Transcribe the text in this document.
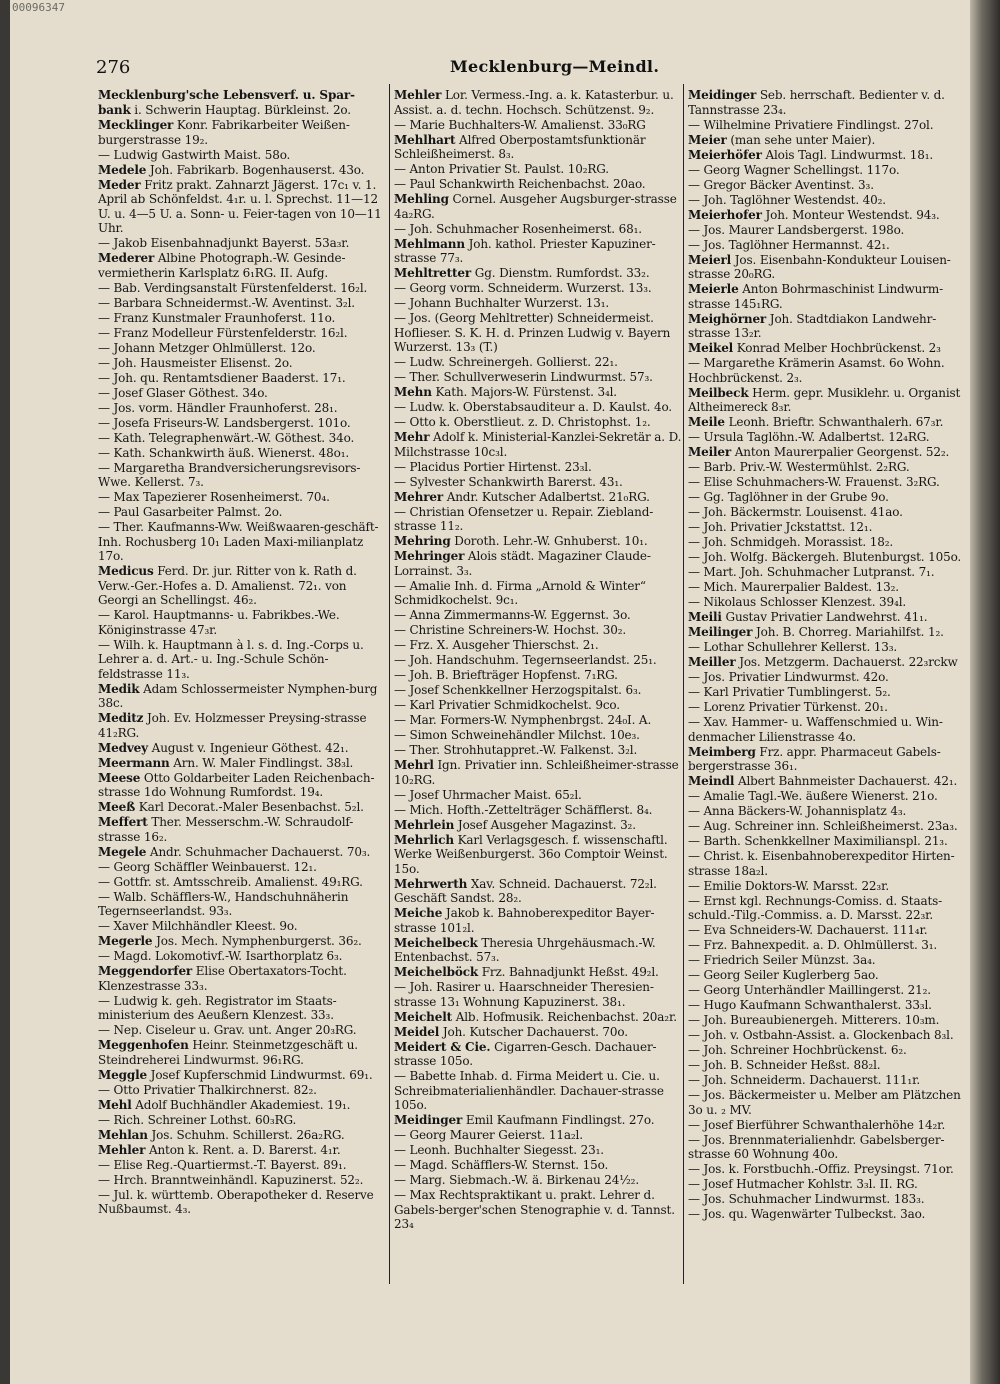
00096347
276	Mecklenburg—Meindl.

Mecklenburg'sche Lebensverf. u. Spar-

bank i. Schwerin Hauptag. Bürkleinst. 2o.

Mecklinger Konr. Fabrikarbeiter Weißen-burgerstrasse 19₂.

— Ludwig Gastwirth Maist. 58o.

Medele Joh. Fabrikarb. Bogenhauserst. 43o.

Meder Fritz prakt. Zahnarzt Jägerst. 17c₁ v. 1. April ab Schönfeldst. 4₁r. u. l. Sprechst. 11—12 U. u. 4—5 U. a. Sonn- u. Feier-tagen von 10—11 Uhr.

— Jakob Eisenbahnadjunkt Bayerst. 53a₃r.

Mederer Albine Photograph.-W. Gesinde-vermietherin Karlsplatz 6₁RG. II. Aufg.

— Bab. Verdingsanstalt Fürstenfelderst. 16₂l.

— Barbara Schneidermst.-W. Aventinst. 3₂l.

— Franz Kunstmaler Fraunhoferst. 11o.

— Franz Modelleur Fürstenfelderstr. 16₂l.

— Johann Metzger Ohlmüllerst. 12o.

— Joh. Hausmeister Elisenst. 2o.

— Joh. qu. Rentamtsdiener Baaderst. 17₁.

— Josef Glaser Göthest. 34o.

— Jos. vorm. Händler Fraunhoferst. 28₁.

— Josefa Friseurs-W. Landsbergerst. 101o.

— Kath. Telegraphenwärt.-W. Göthest. 34o.

— Kath. Schankwirth äuß. Wienerst. 48o₁.

— Margaretha Brandversicherungsrevisors-Wwe. Kellerst. 7₃.

— Max Tapezierer Rosenheimerst. 70₄.

— Paul Gasarbeiter Palmst. 2o.

— Ther. Kaufmanns-Ww. Weißwaaren-geschäft-Inh. Rochusberg 10₁ Laden Maxi-milianplatz 17o.

Medicus Ferd. Dr. jur. Ritter von k. Rath d. Verw.-Ger.-Hofes a. D. Amalienst. 72₁. von Georgi an Schellingst. 46₂.

— Karol. Hauptmanns- u. Fabrikbes.-We. Königinstrasse 47₃r.

— Wilh. k. Hauptmann à l. s. d. Ing.-Corps u. Lehrer a. d. Art.- u. Ing.-Schule Schön-feldstrasse 11₃.

Medik Adam Schlossermeister Nymphen-burg 38c.

Meditz Joh. Ev. Holzmesser Preysing-strasse 41₂RG.

Medvey August v. Ingenieur Göthest. 42₁.

Meermann Arn. W. Maler Findlingst. 38₃l.

Meese Otto Goldarbeiter Laden Reichenbach-strasse 1do Wohnung Rumfordst. 19₄.

Meeß Karl Decorat.-Maler Besenbachst. 5₂l.

Meffert Ther. Messerschm.-W. Schraudolf-strasse 16₂.

Megele Andr. Schuhmacher Dachauerst. 70₃.

— Georg Schäffler Weinbauerst. 12₁.

— Gottfr. st. Amtsschreib. Amalienst. 49₁RG.

— Walb. Schäfflers-W., Handschuhnäherin Tegernseerlandst. 93₃.

— Xaver Milchhändler Kleest. 9o.

Megerle Jos. Mech. Nymphenburgerst. 36₂.

— Magd. Lokomotivf.-W. Isarthorplatz 6₃.

Meggendorfer Elise Obertaxators-Tocht. Klenzestrasse 33₃.

— Ludwig k. geh. Registrator im Staats-ministerium des Aeußern Klenzest. 33₃.

— Nep. Ciseleur u. Grav. unt. Anger 20₃RG.

Meggenhofen Heinr. Steinmetzgeschäft u. Steindreherei Lindwurmst. 96₁RG.

Meggle Josef Kupferschmid Lindwurmst. 69₁.

— Otto Privatier Thalkirchnerst. 82₂.

Mehl Adolf Buchhändler Akademiest. 19₁.

— Rich. Schreiner Lothst. 60₃RG.

Mehlan Jos. Schuhm. Schillerst. 26a₂RG.

Mehler Anton k. Rent. a. D. Barerst. 4₁r.

— Elise Reg.-Quartiermst.-T. Bayerst. 89₁.

— Hrch. Branntweinhändl. Kapuzinerst. 52₂.

— Jul. k. württemb. Oberapotheker d. Reserve Nußbaumst. 4₃.

Mehler Lor. Vermess.-Ing. a. k. Katasterbur. u. Assist. a. d. techn. Hochsch. Schützenst. 9₂.

— Marie Buchhalters-W. Amalienst. 33₀RG

Mehlhart Alfred Oberpostamtsfunktionär Schleißheimerst. 8₃.

— Anton Privatier St. Paulst. 10₂RG.

— Paul Schankwirth Reichenbachst. 20ao.

Mehling Cornel. Ausgeher Augsburger-strasse 4a₂RG.

— Joh. Schuhmacher Rosenheimerst. 68₁.

Mehlmann Joh. kathol. Priester Kapuziner-strasse 77₃.

Mehltretter Gg. Dienstm. Rumfordst. 33₂.

— Georg vorm. Schneiderm. Wurzerst. 13₃.

— Johann Buchhalter Wurzerst. 13₁.

— Jos. (Georg Mehltretter) Schneidermeist. Hoflieser. S. K. H. d. Prinzen Ludwig v. Bayern Wurzerst. 13₃ (T.)

— Ludw. Schreinergeh. Gollierst. 22₁.

— Ther. Schullverweserin Lindwurmst. 57₃.

Mehn Kath. Majors-W. Fürstenst. 3₄l.

— Ludw. k. Oberstabsauditeur a. D. Kaulst. 4o.

— Otto k. Oberstlieut. z. D. Christophst. 1₂.

Mehr Adolf k. Ministerial-Kanzlei-Sekretär a. D. Milchstrasse 10c₃l.

— Placidus Portier Hirtenst. 23₃l.

— Sylvester Schankwirth Barerst. 43₁.

Mehrer Andr. Kutscher Adalbertst. 21₀RG.

— Christian Ofensetzer u. Repair. Ziebland-strasse 11₂.

Mehring Doroth. Lehr.-W. Gnhuberst. 10₁.

Mehringer Alois städt. Magaziner Claude-Lorrainst. 3₃.

— Amalie Inh. d. Firma „Arnold & Winter“ Schmidkochelst. 9c₁.

— Anna Zimmermanns-W. Eggernst. 3o.

— Christine Schreiners-W. Hochst. 30₂.

— Frz. X. Ausgeher Thierschst. 2₁.

— Joh. Handschuhm. Tegernseerlandst. 25₁.

— Joh. B. Briefträger Hopfenst. 7₁RG.

— Josef Schenkkellner Herzogspitalst. 6₃.

— Karl Privatier Schmidkochelst. 9co.

— Mar. Formers-W. Nymphenbrgst. 24₀I. A.

— Simon Schweinehändler Milchst. 10e₃.

— Ther. Strohhutappret.-W. Falkenst. 3₂l.

Mehrl Ign. Privatier inn. Schleißheimer-strasse 10₂RG.

— Josef Uhrmacher Maist. 65₂l.

— Mich. Hofth.-Zettelträger Schäfflerst. 8₄.

Mehrlein Josef Ausgeher Magazinst. 3₂.

Mehrlich Karl Verlagsgesch. f. wissenschaftl. Werke Weißenburgerst. 36o Comptoir Weinst. 15o.

Mehrwerth Xav. Schneid. Dachauerst. 72₂l. Geschäft Sandst. 28₂.

Meiche Jakob k. Bahnoberexpeditor Bayer-strasse 101₂l.

Meichelbeck Theresia Uhrgehäusmach.-W. Entenbachst. 57₃.

Meichelböck Frz. Bahnadjunkt Heßst. 49₂l.

— Joh. Rasirer u. Haarschneider Theresien-strasse 13₁ Wohnung Kapuzinerst. 38₁.

Meichelt Alb. Hofmusik. Reichenbachst. 20a₂r.

Meidel Joh. Kutscher Dachauerst. 70o.

Meidert & Cie. Cigarren-Gesch. Dachauer-strasse 105o.

— Babette Inhab. d. Firma Meidert u. Cie. u. Schreibmaterialienhändler. Dachauer-strasse 105o.

Meidinger Emil Kaufmann Findlingst. 27o.

— Georg Maurer Geierst. 11a₂l.

— Leonh. Buchhalter Siegesst. 23₁.

— Magd. Schäfflers-W. Sternst. 15o.

— Marg. Siebmach.-W. ä. Birkenau 24½₂.

— Max Rechtspraktikant u. prakt. Lehrer d. Gabels-berger'schen Stenographie v. d. Tannst. 23₄

Meidinger Seb. herrschaft. Bedienter v. d. Tannstrasse 23₄.

— Wilhelmine Privatiere Findlingst. 27ol.

Meier (man sehe unter Maier).

Meierhöfer Alois Tagl. Lindwurmst. 18₁.

— Georg Wagner Schellingst. 117o.

— Gregor Bäcker Aventinst. 3₃.

— Joh. Taglöhner Westendst. 40₂.

Meierhofer Joh. Monteur Westendst. 94₃.

— Jos. Maurer Landsbergerst. 198o.

— Jos. Taglöhner Hermannst. 42₁.

Meierl Jos. Eisenbahn-Kondukteur Louisen-strasse 20₀RG.

Meierle Anton Bohrmaschinist Lindwurm-strasse 145₁RG.

Meighörner Joh. Stadtdiakon Landwehr-strasse 13₂r.

Meikel Konrad Melber Hochbrückenst. 2₃

— Margarethe Krämerin Asamst. 6o Wohn. Hochbrückenst. 2₃.

Meilbeck Herm. gepr. Musiklehr. u. Organist Altheimereck 8₃r.

Meile Leonh. Brieftr. Schwanthalerh. 67₃r.

— Ursula Taglöhn.-W. Adalbertst. 12₄RG.

Meiler Anton Maurerpalier Georgenst. 52₂.

— Barb. Priv.-W. Westermühlst. 2₂RG.

— Elise Schuhmachers-W. Frauenst. 3₂RG.

— Gg. Taglöhner in der Grube 9o.

— Joh. Bäckermstr. Louisenst. 41ao.

— Joh. Privatier Jckstattst. 12₁.

— Joh. Schmidgeh. Morassist. 18₂.

— Joh. Wolfg. Bäckergeh. Blutenburgst. 105o.

— Mart. Joh. Schuhmacher Lutpranst. 7₁.

— Mich. Maurerpalier Baldest. 13₂.

— Nikolaus Schlosser Klenzest. 39₄l.

Meili Gustav Privatier Landwehrst. 41₁.

Meilinger Joh. B. Chorreg. Mariahilfst. 1₂.

— Lothar Schullehrer Kellerst. 13₃.

Meiller Jos. Metzgerm. Dachauerst. 22₃rckw

— Jos. Privatier Lindwurmst. 42o.

— Karl Privatier Tumblingerst. 5₂.

— Lorenz Privatier Türkenst. 20₁.

— Xav. Hammer- u. Waffenschmied u. Win-denmacher Lilienstrasse 4o.

Meimberg Frz. appr. Pharmaceut Gabels-bergerstrasse 36₁.

Meindl Albert Bahnmeister Dachauerst. 42₁.

— Amalie Tagl.-We. äußere Wienerst. 21o.

— Anna Bäckers-W. Johannisplatz 4₃.

— Aug. Schreiner inn. Schleißheimerst. 23a₃.

— Barth. Schenkkellner Maximilianspl. 21₃.

— Christ. k. Eisenbahnoberexpeditor Hirten-strasse 18a₂l.

— Emilie Doktors-W. Marsst. 22₃r.

— Ernst kgl. Rechnungs-Comiss. d. Staats-schuld.-Tilg.-Commiss. a. D. Marsst. 22₃r.

— Eva Schneiders-W. Dachauerst. 111₄r.

— Frz. Bahnexpedit. a. D. Ohlmüllerst. 3₁.

— Friedrich Seiler Münzst. 3a₄.

— Georg Seiler Kuglerberg 5ao.

— Georg Unterhändler Maillingerst. 21₂.

— Hugo Kaufmann Schwanthalerst. 33₃l.

— Joh. Bureaubienergeh. Mitterers. 10₃m.

— Joh. v. Ostbahn-Assist. a. Glockenbach 8₃l.

— Joh. Schreiner Hochbrückenst. 6₂.

— Joh. B. Schneider Heßst. 88₂l.

— Joh. Schneiderm. Dachauerst. 111₁r.

— Jos. Bäckermeister u. Melber am Plätzchen 3o u. ₂ MV.

— Josef Bierführer Schwanthalerhöhe 14₂r.

— Jos. Brennmaterialienhdr. Gabelsberger-strasse 60 Wohnung 40o.

— Jos. k. Forstbuchh.-Offiz. Preysingst. 71or.

— Josef Hutmacher Kohlstr. 3₃l. II. RG.

— Jos. Schuhmacher Lindwurmst. 183₃.

— Jos. qu. Wagenwärter Tulbeckst. 3ao.
